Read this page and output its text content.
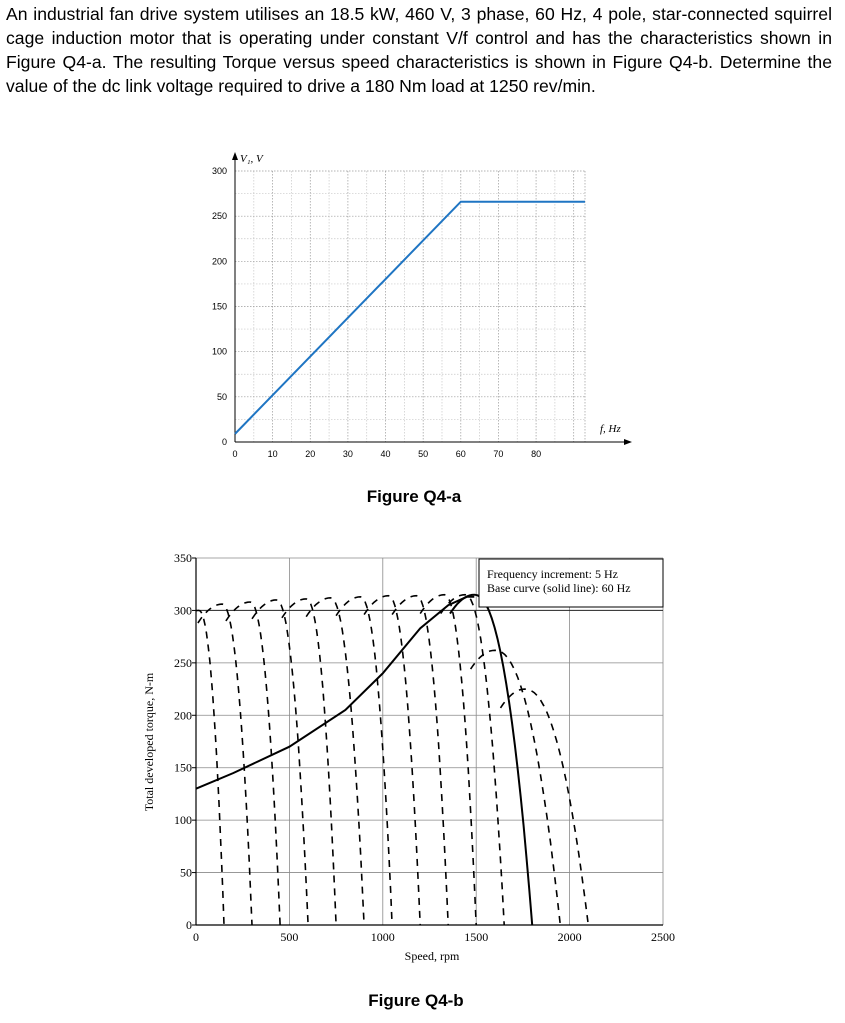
An industrial fan drive system utilises an 18.5 kW, 460 V, 3 phase, 60 Hz, 4 pole, star-connected squirrel cage induction motor that is operating under constant V/f control and has the characteristics shown in Figure Q4-a. The resulting Torque versus speed characteristics is shown in Figure Q4-b. Determine the value of the dc link voltage required to drive a 180 Nm load at 1250 rev/min.

0	10	20	30	40	50	60	70	80
0
50
100
150
200
250
300
V₁, V
f, Hz
Figure Q4-a
0	500	1000	1500	2000	2500
0
50
100
150
200
250
300
350
Frequency increment: 5 Hz
Base curve (solid line): 60 Hz
Total developed torque, N-m
Speed, rpm
Figure Q4-b
